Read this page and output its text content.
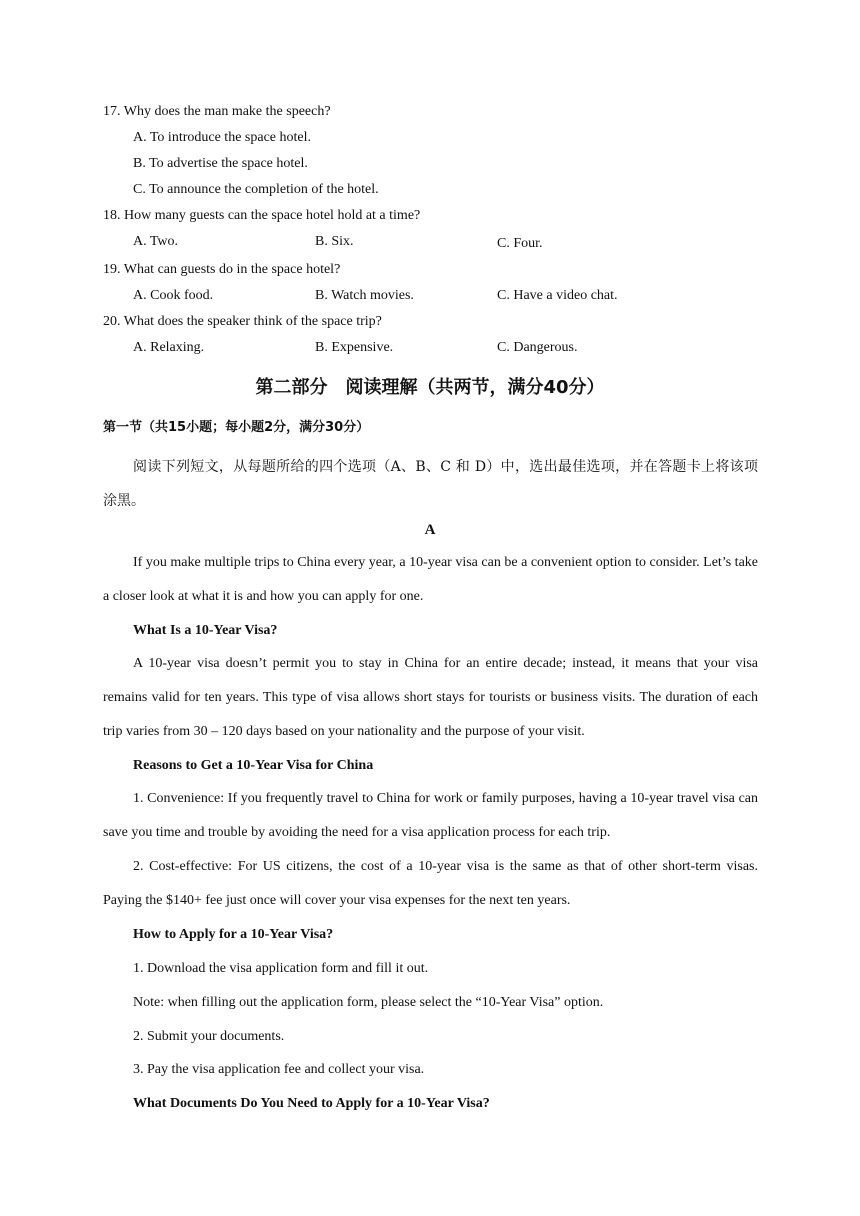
17. Why does the man make the speech?
A. To introduce the space hotel.
B. To advertise the space hotel.
C. To announce the completion of the hotel.
18. How many guests can the space hotel hold at a time?
A. Two.	B. Six.	C. Four.
19. What can guests do in the space hotel?
A. Cook food.	B. Watch movies.	C. Have a video chat.
20. What does the speaker think of the space trip?
A. Relaxing.	B. Expensive.	C. Dangerous.
第二部分　阅读理解（共两节，满分40分）
第一节（共15小题；每小题2分，满分30分）
阅读下列短文，从每题所给的四个选项（A、B、C 和 D）中，选出最佳选项，并在答题卡上将该项涂黑。
A
If you make multiple trips to China every year, a 10-year visa can be a convenient option to consider. Let’s take a closer look at what it is and how you can apply for one.
What Is a 10-Year Visa?
A 10-year visa doesn’t permit you to stay in China for an entire decade; instead, it means that your visa remains valid for ten years. This type of visa allows short stays for tourists or business visits. The duration of each trip varies from 30 – 120 days based on your nationality and the purpose of your visit.
Reasons to Get a 10-Year Visa for China
1. Convenience: If you frequently travel to China for work or family purposes, having a 10-year travel visa can save you time and trouble by avoiding the need for a visa application process for each trip.
2. Cost-effective: For US citizens, the cost of a 10-year visa is the same as that of other short-term visas. Paying the $140+ fee just once will cover your visa expenses for the next ten years.
How to Apply for a 10-Year Visa?
1. Download the visa application form and fill it out.
Note: when filling out the application form, please select the “10-Year Visa” option.
2. Submit your documents.
3. Pay the visa application fee and collect your visa.
What Documents Do You Need to Apply for a 10-Year Visa?
